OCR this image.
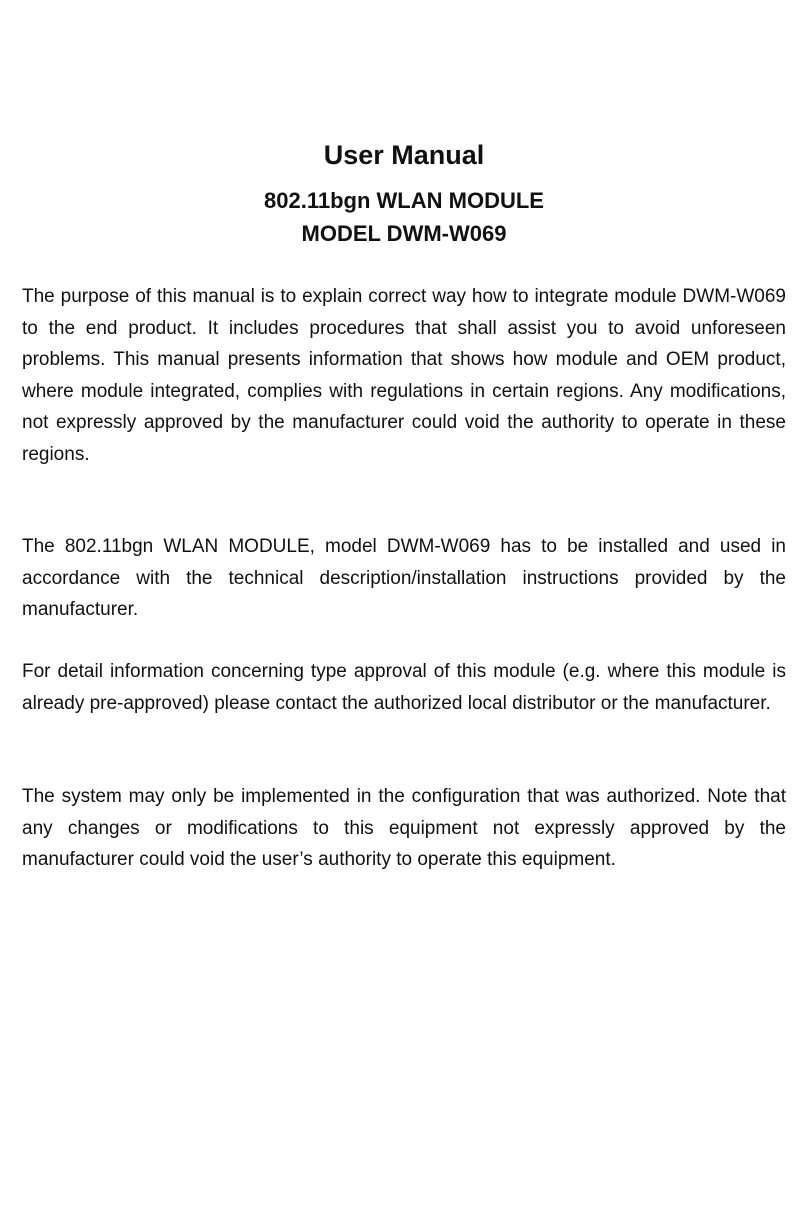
User Manual
802.11bgn WLAN MODULE
MODEL DWM-W069

The purpose of this manual is to explain correct way how to integrate module DWM-W069 to the end product. It includes procedures that shall assist you to avoid unforeseen problems. This manual presents information that shows how module and OEM product, where module integrated, complies with regulations in certain regions. Any modifications, not expressly approved by the manufacturer could void the authority to operate in these regions.

The 802.11bgn WLAN MODULE, model DWM-W069 has to be installed and used in accordance with the technical description/installation instructions provided by the manufacturer.

For detail information concerning type approval of this module (e.g. where this module is already pre-approved) please contact the authorized local distributor or the manufacturer.

The system may only be implemented in the configuration that was authorized. Note that any changes or modifications to this equipment not expressly approved by the manufacturer could void the user’s authority to operate this equipment.
